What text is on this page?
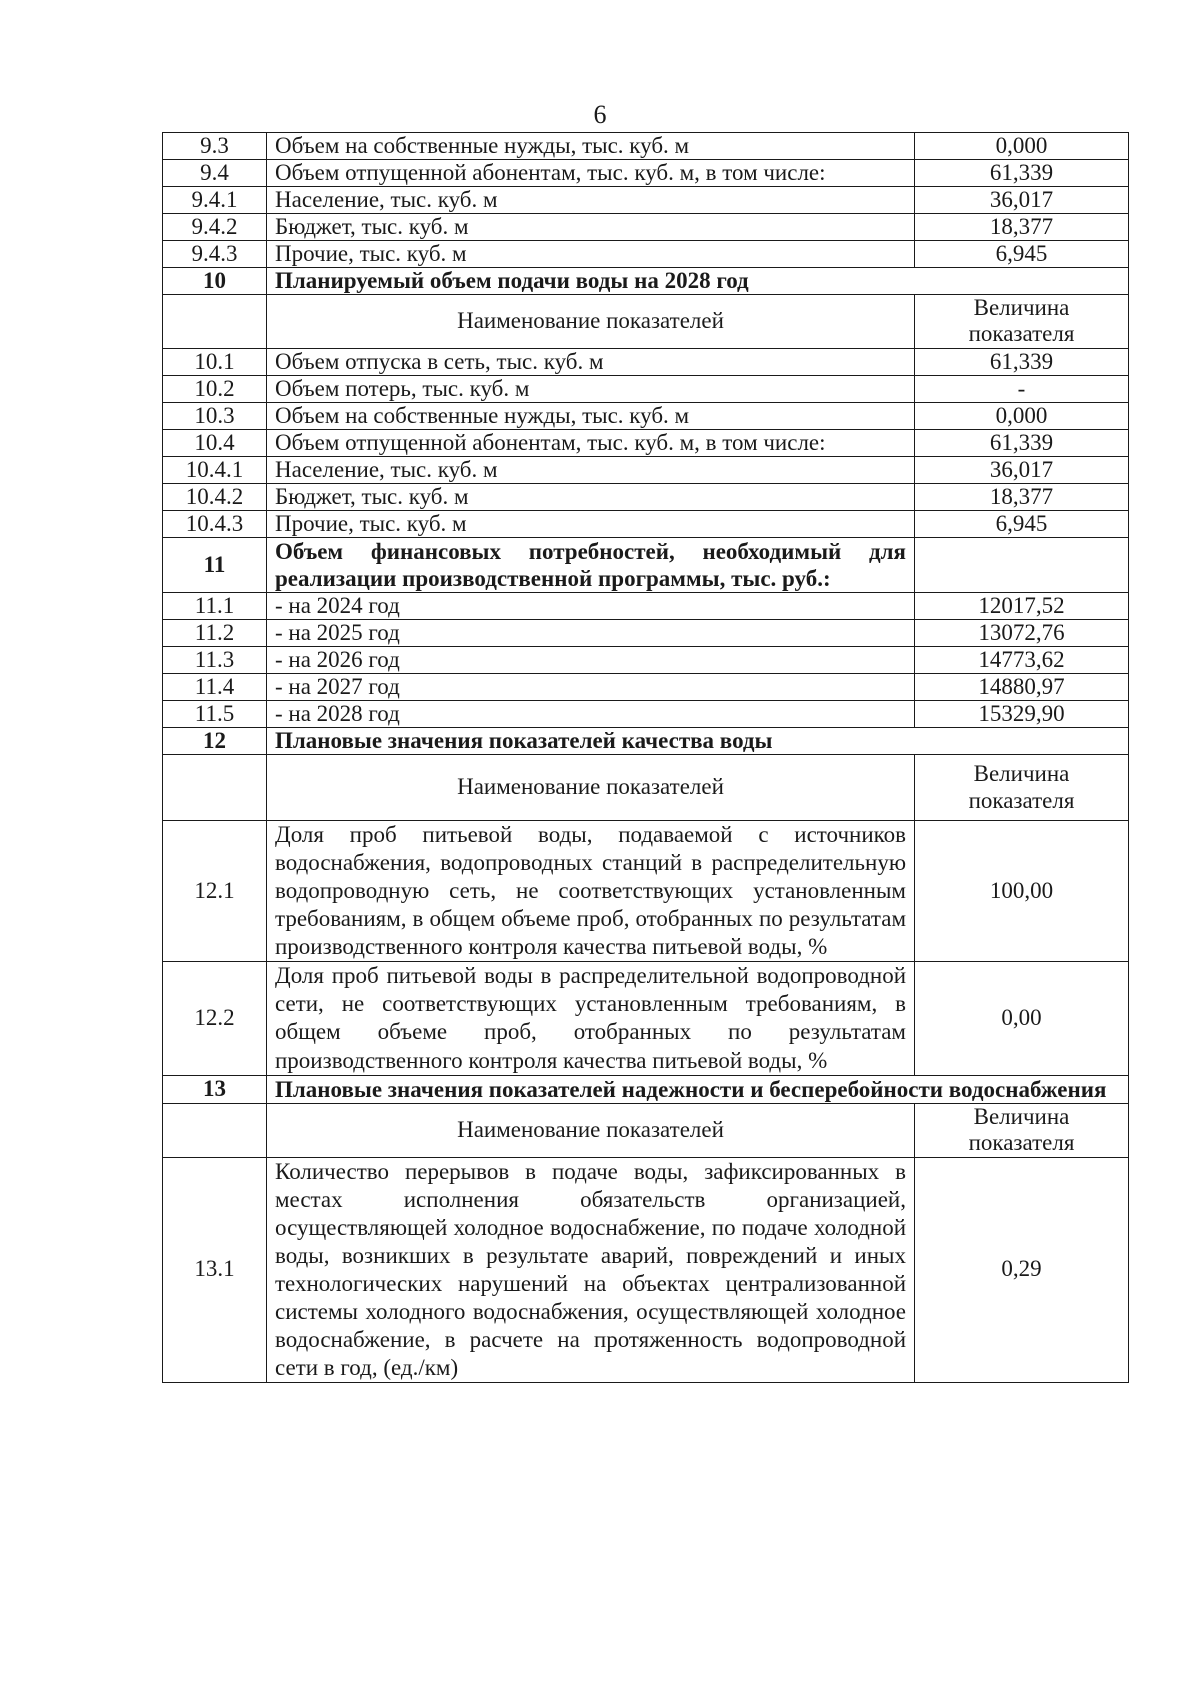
6
9.3	Объем на собственные нужды, тыс. куб. м	0,000
9.4	Объем отпущенной абонентам, тыс. куб. м, в том числе:	61,339
9.4.1	Население, тыс. куб. м	36,017
9.4.2	Бюджет, тыс. куб. м	18,377
9.4.3	Прочие, тыс. куб. м	6,945
10	Планируемый объем подачи воды на 2028 год	
	Наименование показателей	Величина показателя
10.1	Объем отпуска в сеть, тыс. куб. м	61,339
10.2	Объем потерь, тыс. куб. м	-
10.3	Объем на собственные нужды, тыс. куб. м	0,000
10.4	Объем отпущенной абонентам, тыс. куб. м, в том числе:	61,339
10.4.1	Население, тыс. куб. м	36,017
10.4.2	Бюджет, тыс. куб. м	18,377
10.4.3	Прочие, тыс. куб. м	6,945
11	Объем финансовых потребностей, необходимый для реализации производственной программы, тыс. руб.:	
11.1	- на 2024 год	12017,52
11.2	- на 2025 год	13072,76
11.3	- на 2026 год	14773,62
11.4	- на 2027 год	14880,97
11.5	- на 2028 год	15329,90
12	Плановые значения показателей качества воды	
	Наименование показателей	Величина показателя
12.1	Доля проб питьевой воды, подаваемой с источников водоснабжения, водопроводных станций в распределительную водопроводную сеть, не соответствующих установленным требованиям, в общем объеме проб, отобранных по результатам производственного контроля качества питьевой воды, %	100,00
12.2	Доля проб питьевой воды в распределительной водопроводной сети, не соответствующих установленным требованиям, в общем объеме проб, отобранных по результатам производственного контроля качества питьевой воды, %	0,00
13	Плановые значения показателей надежности и бесперебойности водоснабжения	
	Наименование показателей	Величина показателя
13.1	Количество перерывов в подаче воды, зафиксированных в местах исполнения обязательств организацией, осуществляющей холодное водоснабжение, по подаче холодной воды, возникших в результате аварий, повреждений и иных технологических нарушений на объектах централизованной системы холодного водоснабжения, осуществляющей холодное водоснабжение, в расчете на протяженность водопроводной сети в год, (ед./км)	0,29
